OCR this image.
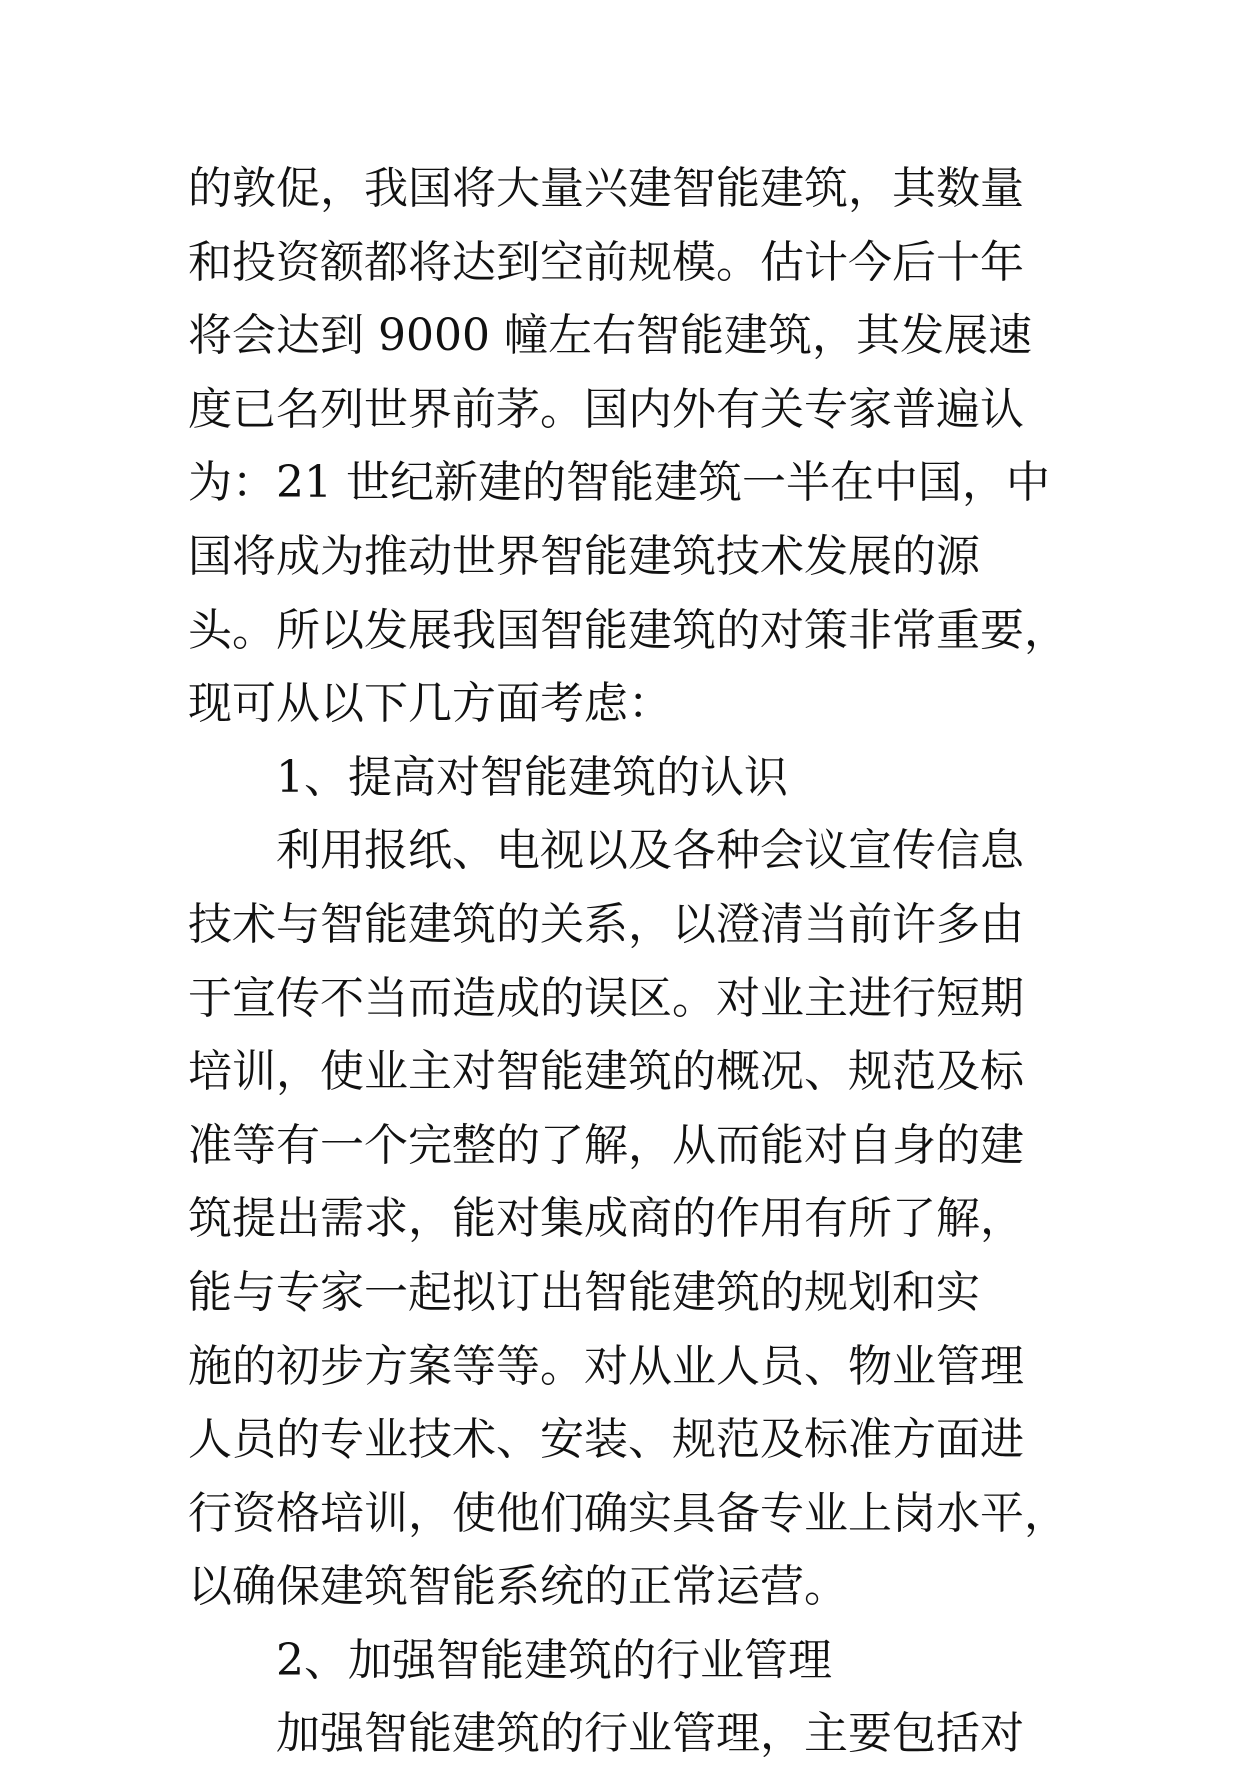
的敦促，我国将大量兴建智能建筑，其数量
和投资额都将达到空前规模。估计今后十年
将会达到 9000 幢左右智能建筑，其发展速
度已名列世界前茅。国内外有关专家普遍认
为：21 世纪新建的智能建筑一半在中国，中
国将成为推动世界智能建筑技术发展的源
头。所以发展我国智能建筑的对策非常重要，
现可从以下几方面考虑：
1、提高对智能建筑的认识
利用报纸、电视以及各种会议宣传信息
技术与智能建筑的关系，以澄清当前许多由
于宣传不当而造成的误区。对业主进行短期
培训，使业主对智能建筑的概况、规范及标
准等有一个完整的了解，从而能对自身的建
筑提出需求，能对集成商的作用有所了解，
能与专家一起拟订出智能建筑的规划和实
施的初步方案等等。对从业人员、物业管理
人员的专业技术、安装、规范及标准方面进
行资格培训，使他们确实具备专业上岗水平，
以确保建筑智能系统的正常运营。
2、加强智能建筑的行业管理
加强智能建筑的行业管理，主要包括对
